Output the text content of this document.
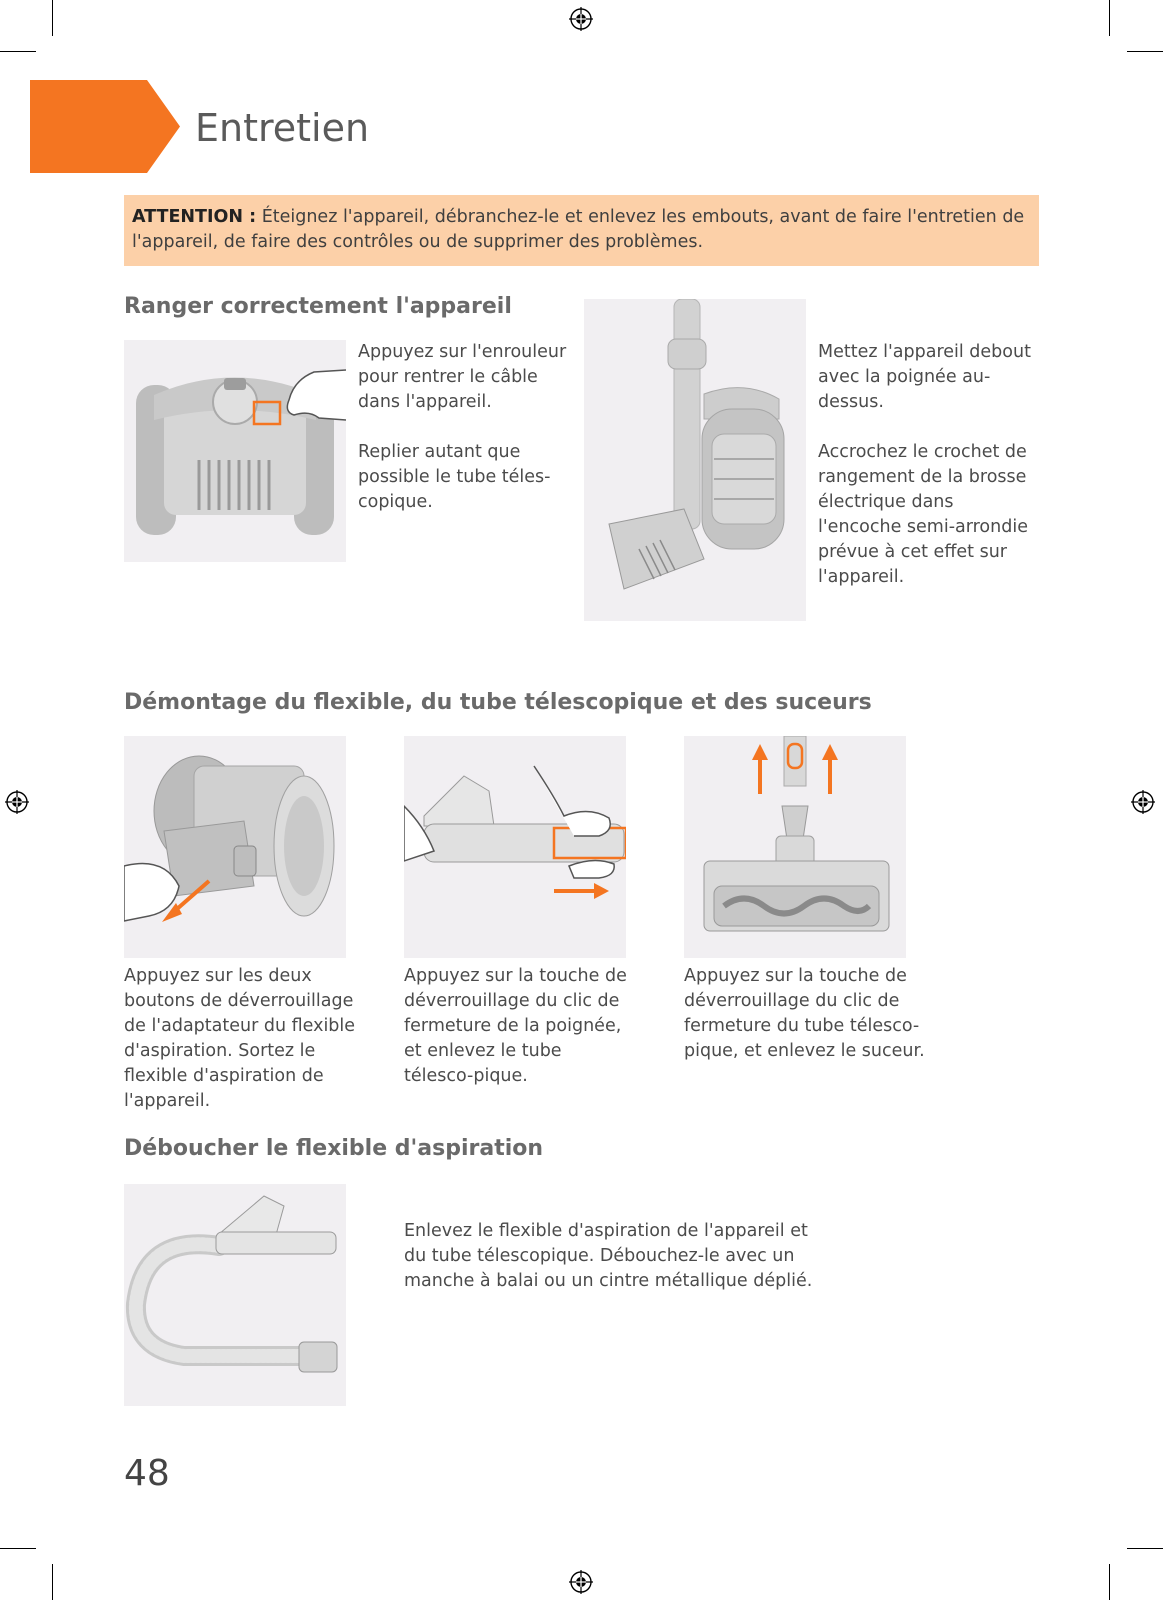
Entretien
ATTENTION : Éteignez l'appareil, débranchez-le et enlevez les embouts, avant de faire l'entretien de l'appareil, de faire des contrôles ou de supprimer des problèmes.
Ranger correctement l'appareil
Appuyez sur l'enrouleur pour rentrer le câble dans l'appareil.
Replier autant que possible le tube téles-copique.
Mettez l'appareil debout avec la poignée au-dessus.
Accrochez le crochet de rangement de la brosse électrique dans l'encoche semi-arrondie prévue à cet effet sur l'appareil.
Démontage du flexible, du tube télescopique et des suceurs
Appuyez sur les deux boutons de déverrouillage de l'adaptateur du flexible d'aspiration. Sortez le flexible d'aspiration de l'appareil.
Appuyez sur la touche de déverrouillage du clic de fermeture de la poignée, et enlevez le tube télesco-pique.
Appuyez sur la touche de déverrouillage du clic de fermeture du tube télesco-pique, et enlevez le suceur.
Déboucher le flexible d'aspiration
Enlevez le flexible d'aspiration de l'appareil et du tube télescopique. Débouchez-le avec un manche à balai ou un cintre métallique déplié.
48
